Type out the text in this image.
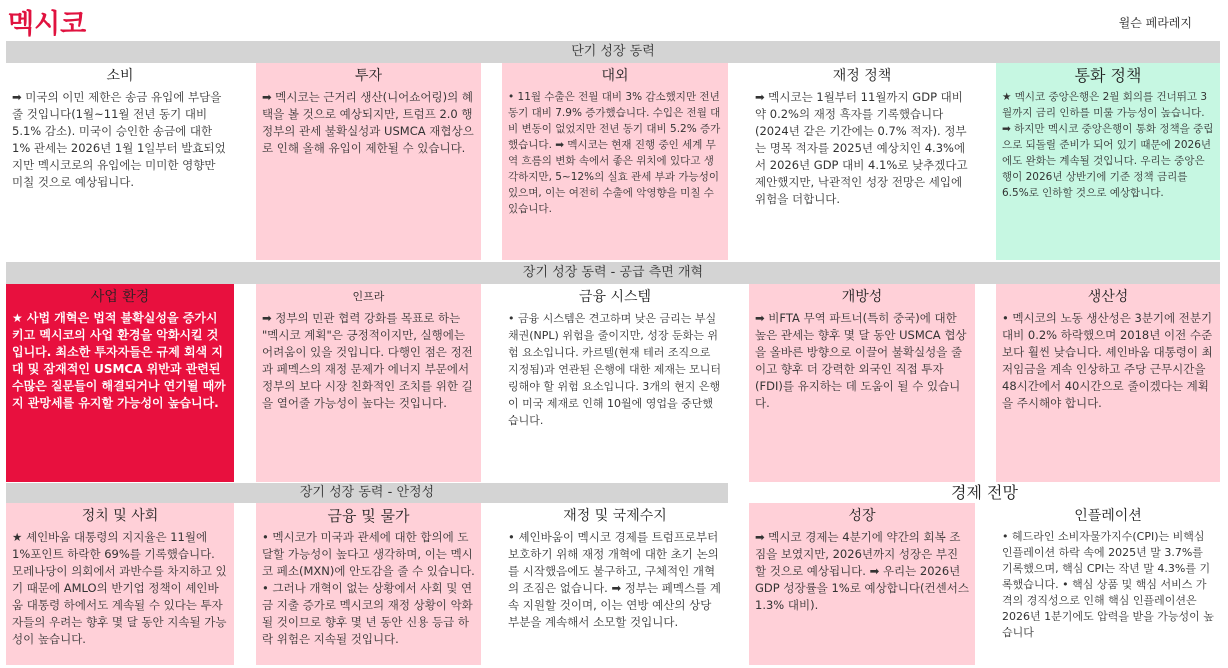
멕시코	윌슨 페라레지
단기 성장 동력
소비
➡ 미국의 이민 제한은 송금 유입에 부담을 줄 것입니다(1월~11월 전년 동기 대비 5.1% 감소). 미국이 승인한 송금에 대한 1% 관세는 2026년 1월 1일부터 발효되었지만 멕시코로의 유입에는 미미한 영향만 미칠 것으로 예상됩니다.
투자
➡ 멕시코는 근거리 생산(니어쇼어링)의 혜택을 볼 것으로 예상되지만, 트럼프 2.0 행정부의 관세 불확실성과 USMCA 재협상으로 인해 올해 유입이 제한될 수 있습니다.
대외
• 11월 수출은 전월 대비 3% 감소했지만 전년 동기 대비 7.9% 증가했습니다. 수입은 전월 대비 변동이 없었지만 전년 동기 대비 5.2% 증가했습니다. ➡ 멕시코는 현재 진행 중인 세계 무역 흐름의 변화 속에서 좋은 위치에 있다고 생각하지만, 5~12%의 실효 관세 부과 가능성이 있으며, 이는 여전히 수출에 악영향을 미칠 수 있습니다.
재정 정책
➡ 멕시코는 1월부터 11월까지 GDP 대비 약 0.2%의 재정 흑자를 기록했습니다(2024년 같은 기간에는 0.7% 적자). 정부는 명목 적자를 2025년 예상치인 4.3%에서 2026년 GDP 대비 4.1%로 낮추겠다고 제안했지만, 낙관적인 성장 전망은 세입에 위험을 더합니다.
통화 정책
★ 멕시코 중앙은행은 2월 회의를 건너뛰고 3월까지 금리 인하를 미룰 가능성이 높습니다. ➡ 하지만 멕시코 중앙은행이 통화 정책을 중립으로 되돌릴 준비가 되어 있기 때문에 2026년에도 완화는 계속될 것입니다. 우리는 중앙은행이 2026년 상반기에 기준 정책 금리를 6.5%로 인하할 것으로 예상합니다.
장기 성장 동력 - 공급 측면 개혁
사업 환경
★ 사법 개혁은 법적 불확실성을 증가시키고 멕시코의 사업 환경을 악화시킬 것입니다. 최소한 투자자들은 규제 회색 지대 및 잠재적인 USMCA 위반과 관련된 수많은 질문들이 해결되거나 연기될 때까지 관망세를 유지할 가능성이 높습니다.
인프라
➡ 정부의 민관 협력 강화를 목표로 하는 "멕시코 계획"은 긍정적이지만, 실행에는 어려움이 있을 것입니다. 다행인 점은 정전과 페멕스의 재정 문제가 에너지 부문에서 정부의 보다 시장 친화적인 조치를 위한 길을 열어줄 가능성이 높다는 것입니다.
금융 시스템
• 금융 시스템은 견고하며 낮은 금리는 부실채권(NPL) 위험을 줄이지만, 성장 둔화는 위험 요소입니다. 카르텔(현재 테러 조직으로 지정됨)과 연관된 은행에 대한 제재는 모니터링해야 할 위험 요소입니다. 3개의 현지 은행이 미국 제재로 인해 10월에 영업을 중단했습니다.
개방성
➡ 비FTA 무역 파트너(특히 중국)에 대한 높은 관세는 향후 몇 달 동안 USMCA 협상을 올바른 방향으로 이끌어 불확실성을 줄이고 향후 더 강력한 외국인 직접 투자(FDI)를 유지하는 데 도움이 될 수 있습니다.
생산성
• 멕시코의 노동 생산성은 3분기에 전분기 대비 0.2% 하락했으며 2018년 이전 수준보다 훨씬 낮습니다. 셰인바움 대통령이 최저임금을 계속 인상하고 주당 근무시간을 48시간에서 40시간으로 줄이겠다는 계획을 주시해야 합니다.
장기 성장 동력 - 안정성	경제 전망
정치 및 사회
★ 셰인바움 대통령의 지지율은 11월에 1%포인트 하락한 69%를 기록했습니다. 모레나당이 의회에서 과반수를 차지하고 있기 때문에 AMLO의 반기업 정책이 셰인바움 대통령 하에서도 계속될 수 있다는 투자자들의 우려는 향후 몇 달 동안 지속될 가능성이 높습니다.
금융 및 물가
• 멕시코가 미국과 관세에 대한 합의에 도달할 가능성이 높다고 생각하며, 이는 멕시코 페소(MXN)에 안도감을 줄 수 있습니다. • 그러나 개혁이 없는 상황에서 사회 및 연금 지출 증가로 멕시코의 재정 상황이 악화될 것이므로 향후 몇 년 동안 신용 등급 하락 위험은 지속될 것입니다.
재정 및 국제수지
• 셰인바움이 멕시코 경제를 트럼프로부터 보호하기 위해 재정 개혁에 대한 초기 논의를 시작했음에도 불구하고, 구체적인 개혁의 조짐은 없습니다. ➡ 정부는 페멕스를 계속 지원할 것이며, 이는 연방 예산의 상당 부분을 계속해서 소모할 것입니다.
성장
➡ 멕시코 경제는 4분기에 약간의 회복 조짐을 보였지만, 2026년까지 성장은 부진할 것으로 예상됩니다. ➡ 우리는 2026년 GDP 성장률을 1%로 예상합니다(컨센서스 1.3% 대비).
인플레이션
• 헤드라인 소비자물가지수(CPI)는 비핵심 인플레이션 하락 속에 2025년 말 3.7%를 기록했으며, 핵심 CPI는 작년 말 4.3%를 기록했습니다. • 핵심 상품 및 핵심 서비스 가격의 경직성으로 인해 핵심 인플레이션은 2026년 1분기에도 압력을 받을 가능성이 높습니다
